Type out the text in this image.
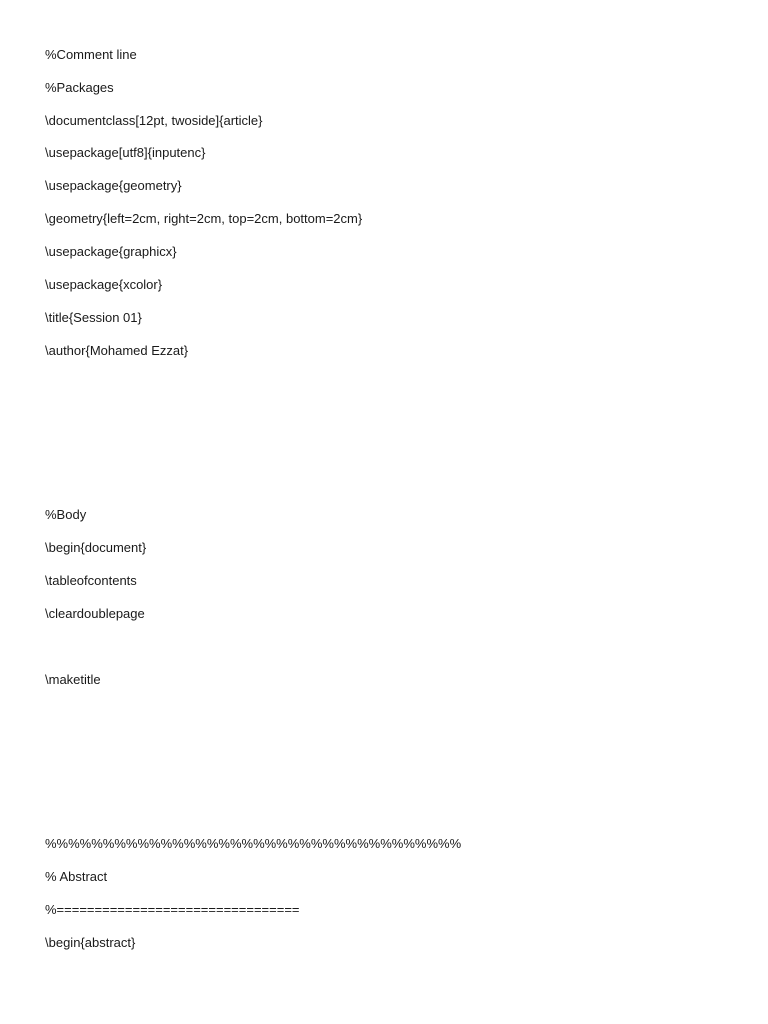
%Comment line

%Packages

\documentclass[12pt, twoside]{article}

\usepackage[utf8]{inputenc}

\usepackage{geometry}

\geometry{left=2cm, right=2cm, top=2cm, bottom=2cm}

\usepackage{graphicx}

\usepackage{xcolor}

\title{Session 01}

\author{Mohamed Ezzat}

%Body

\begin{document}

\tableofcontents

\cleardoublepage

\maketitle

%%%%%%%%%%%%%%%%%%%%%%%%%%%%%%%%%%%%

% Abstract

%================================

\begin{abstract}
